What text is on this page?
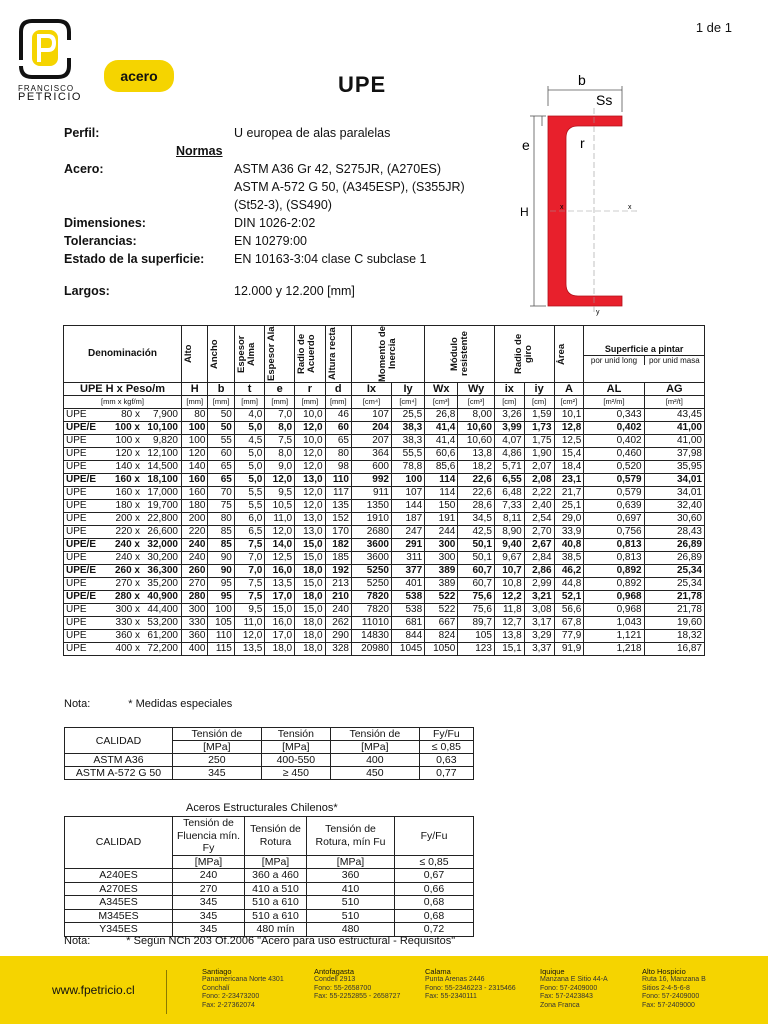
1 de 1
acero
FRANCISCO
PETRICIO	UPE
Perfil:	U europea de alas paralelas
Normas
Acero:	ASTM A36 Gr 42, S275JR, (A270ES)
ASTM A-572 G 50, (A345ESP), (S355JR)
(St52-3), (SS490)
Dimensiones:	DIN 1026-2:02
Tolerancias:	EN 10279:00
Estado de la superficie:	EN 10163-3:04 clase C subclase 1
Largos:	12.000 y 12.200 [mm]
b
Ss
H
e	r
x	x
y
Denominación	Alto	Ancho	Espesor Alma	Espesor Ala	Radio de Acuerdo	Altura recta	Momento de Inercia		Módulo resistente		Radio de giro		Área	Superficie a pintar
por unid long por unid masa	

UPE H x Peso/m	H	b	t	e	r	d	Ix	Iy	Wx	Wy	ix	iy	A	AL	AG
[mm x kgf/m]	[mm]	[mm]	[mm]	[mm]	[mm]	[mm]	[cm⁴]	[cm⁴]	[cm³]	[cm³]	[cm]	[cm]	[cm²]	[m²/m]	[m²/t]
UPE 80 x 7,900	80	50	4,0	7,0	10,0	46	107	25,5	26,8	8,00	3,26	1,59	10,1	0,343	43,45
UPE/E 100 x 10,100	100	50	5,0	8,0	12,0	60	204	38,3	41,4	10,60	3,99	1,73	12,8	0,402	41,00
UPE 100 x 9,820	100	55	4,5	7,5	10,0	65	207	38,3	41,4	10,60	4,07	1,75	12,5	0,402	41,00
UPE 120 x 12,100	120	60	5,0	8,0	12,0	80	364	55,5	60,6	13,8	4,86	1,90	15,4	0,460	37,98
UPE 140 x 14,500	140	65	5,0	9,0	12,0	98	600	78,8	85,6	18,2	5,71	2,07	18,4	0,520	35,95
UPE/E 160 x 18,100	160	65	5,0	12,0	13,0	110	992	100	114	22,6	6,55	2,08	23,1	0,579	34,01
UPE 160 x 17,000	160	70	5,5	9,5	12,0	117	911	107	114	22,6	6,48	2,22	21,7	0,579	34,01
UPE 180 x 19,700	180	75	5,5	10,5	12,0	135	1350	144	150	28,6	7,33	2,40	25,1	0,639	32,40
UPE 200 x 22,800	200	80	6,0	11,0	13,0	152	1910	187	191	34,5	8,11	2,54	29,0	0,697	30,60
UPE 220 x 26,600	220	85	6,5	12,0	13,0	170	2680	247	244	42,5	8,90	2,70	33,9	0,756	28,43
UPE/E 240 x 32,000	240	85	7,5	14,0	15,0	182	3600	291	300	50,1	9,40	2,67	40,8	0,813	26,89
UPE 240 x 30,200	240	90	7,0	12,5	15,0	185	3600	311	300	50,1	9,67	2,84	38,5	0,813	26,89
UPE/E 260 x 36,300	260	90	7,0	16,0	18,0	192	5250	377	389	60,7	10,7	2,86	46,2	0,892	25,34
UPE 270 x 35,200	270	95	7,5	13,5	15,0	213	5250	401	389	60,7	10,8	2,99	44,8	0,892	25,34
UPE/E 280 x 40,900	280	95	7,5	17,0	18,0	210	7820	538	522	75,6	12,2	3,21	52,1	0,968	21,78
UPE 300 x 44,400	300	100	9,5	15,0	15,0	240	7820	538	522	75,6	11,8	3,08	56,6	0,968	21,78
UPE 330 x 53,200	330	105	11,0	16,0	18,0	262	11010	681	667	89,7	12,7	3,17	67,8	1,043	19,60
UPE 360 x 61,200	360	110	12,0	17,0	18,0	290	14830	844	824	105	13,8	3,29	77,9	1,121	18,32
UPE 400 x 72,200	400	115	13,5	18,0	18,0	328	20980	1045	1050	123	15,1	3,37	91,9	1,218	16,87
Nota:	* Medidas especiales
CALIDAD	Tensión de	Tensión	Tensión de	Fy/Fu
	[MPa]	[MPa]	[MPa]	≤ 0,85
ASTM A36	250	400-550	400	0,63
ASTM A-572 G 50	345	≥ 450	450	0,77
Aceros Estructurales Chilenos*
CALIDAD	Tensión de Fluencia mín. Fy	Tensión de Rotura	Tensión de Rotura, mín Fu	Fy/Fu
	[MPa]	[MPa]	[MPa]	≤ 0,85
A240ES	240	360 a 460	360	0,67
A270ES	270	410 a 510	410	0,66
A345ES	345	510 a 610	510	0,68
M345ES	345	510 a 610	510	0,68
Y345ES	345	480 mín	480	0,72
Nota:	* Según NCh 203 Of.2006 "Acero para uso estructural - Requisitos"
www.fpetricio.cl
Santiago
Panamericana Norte 4301
Conchalí
Fono: 2-23473200
Fax: 2-27362074
Antofagasta
Condell 2913
Fono: 55-2658700
Fax: 55-2252855 - 2658727
Calama
Punta Arenas 2446
Fono: 55-2346223 - 2315466
Fax: 55-2340111
Iquique
Manzana E Sitio 44-A
Fono: 57-2409000
Fax: 57-2423843
Zona Franca
Alto Hospicio
Ruta 16, Manzana B
Sitios 2-4-5-6-8
Fono: 57-2409000
Fax: 57-2409000
